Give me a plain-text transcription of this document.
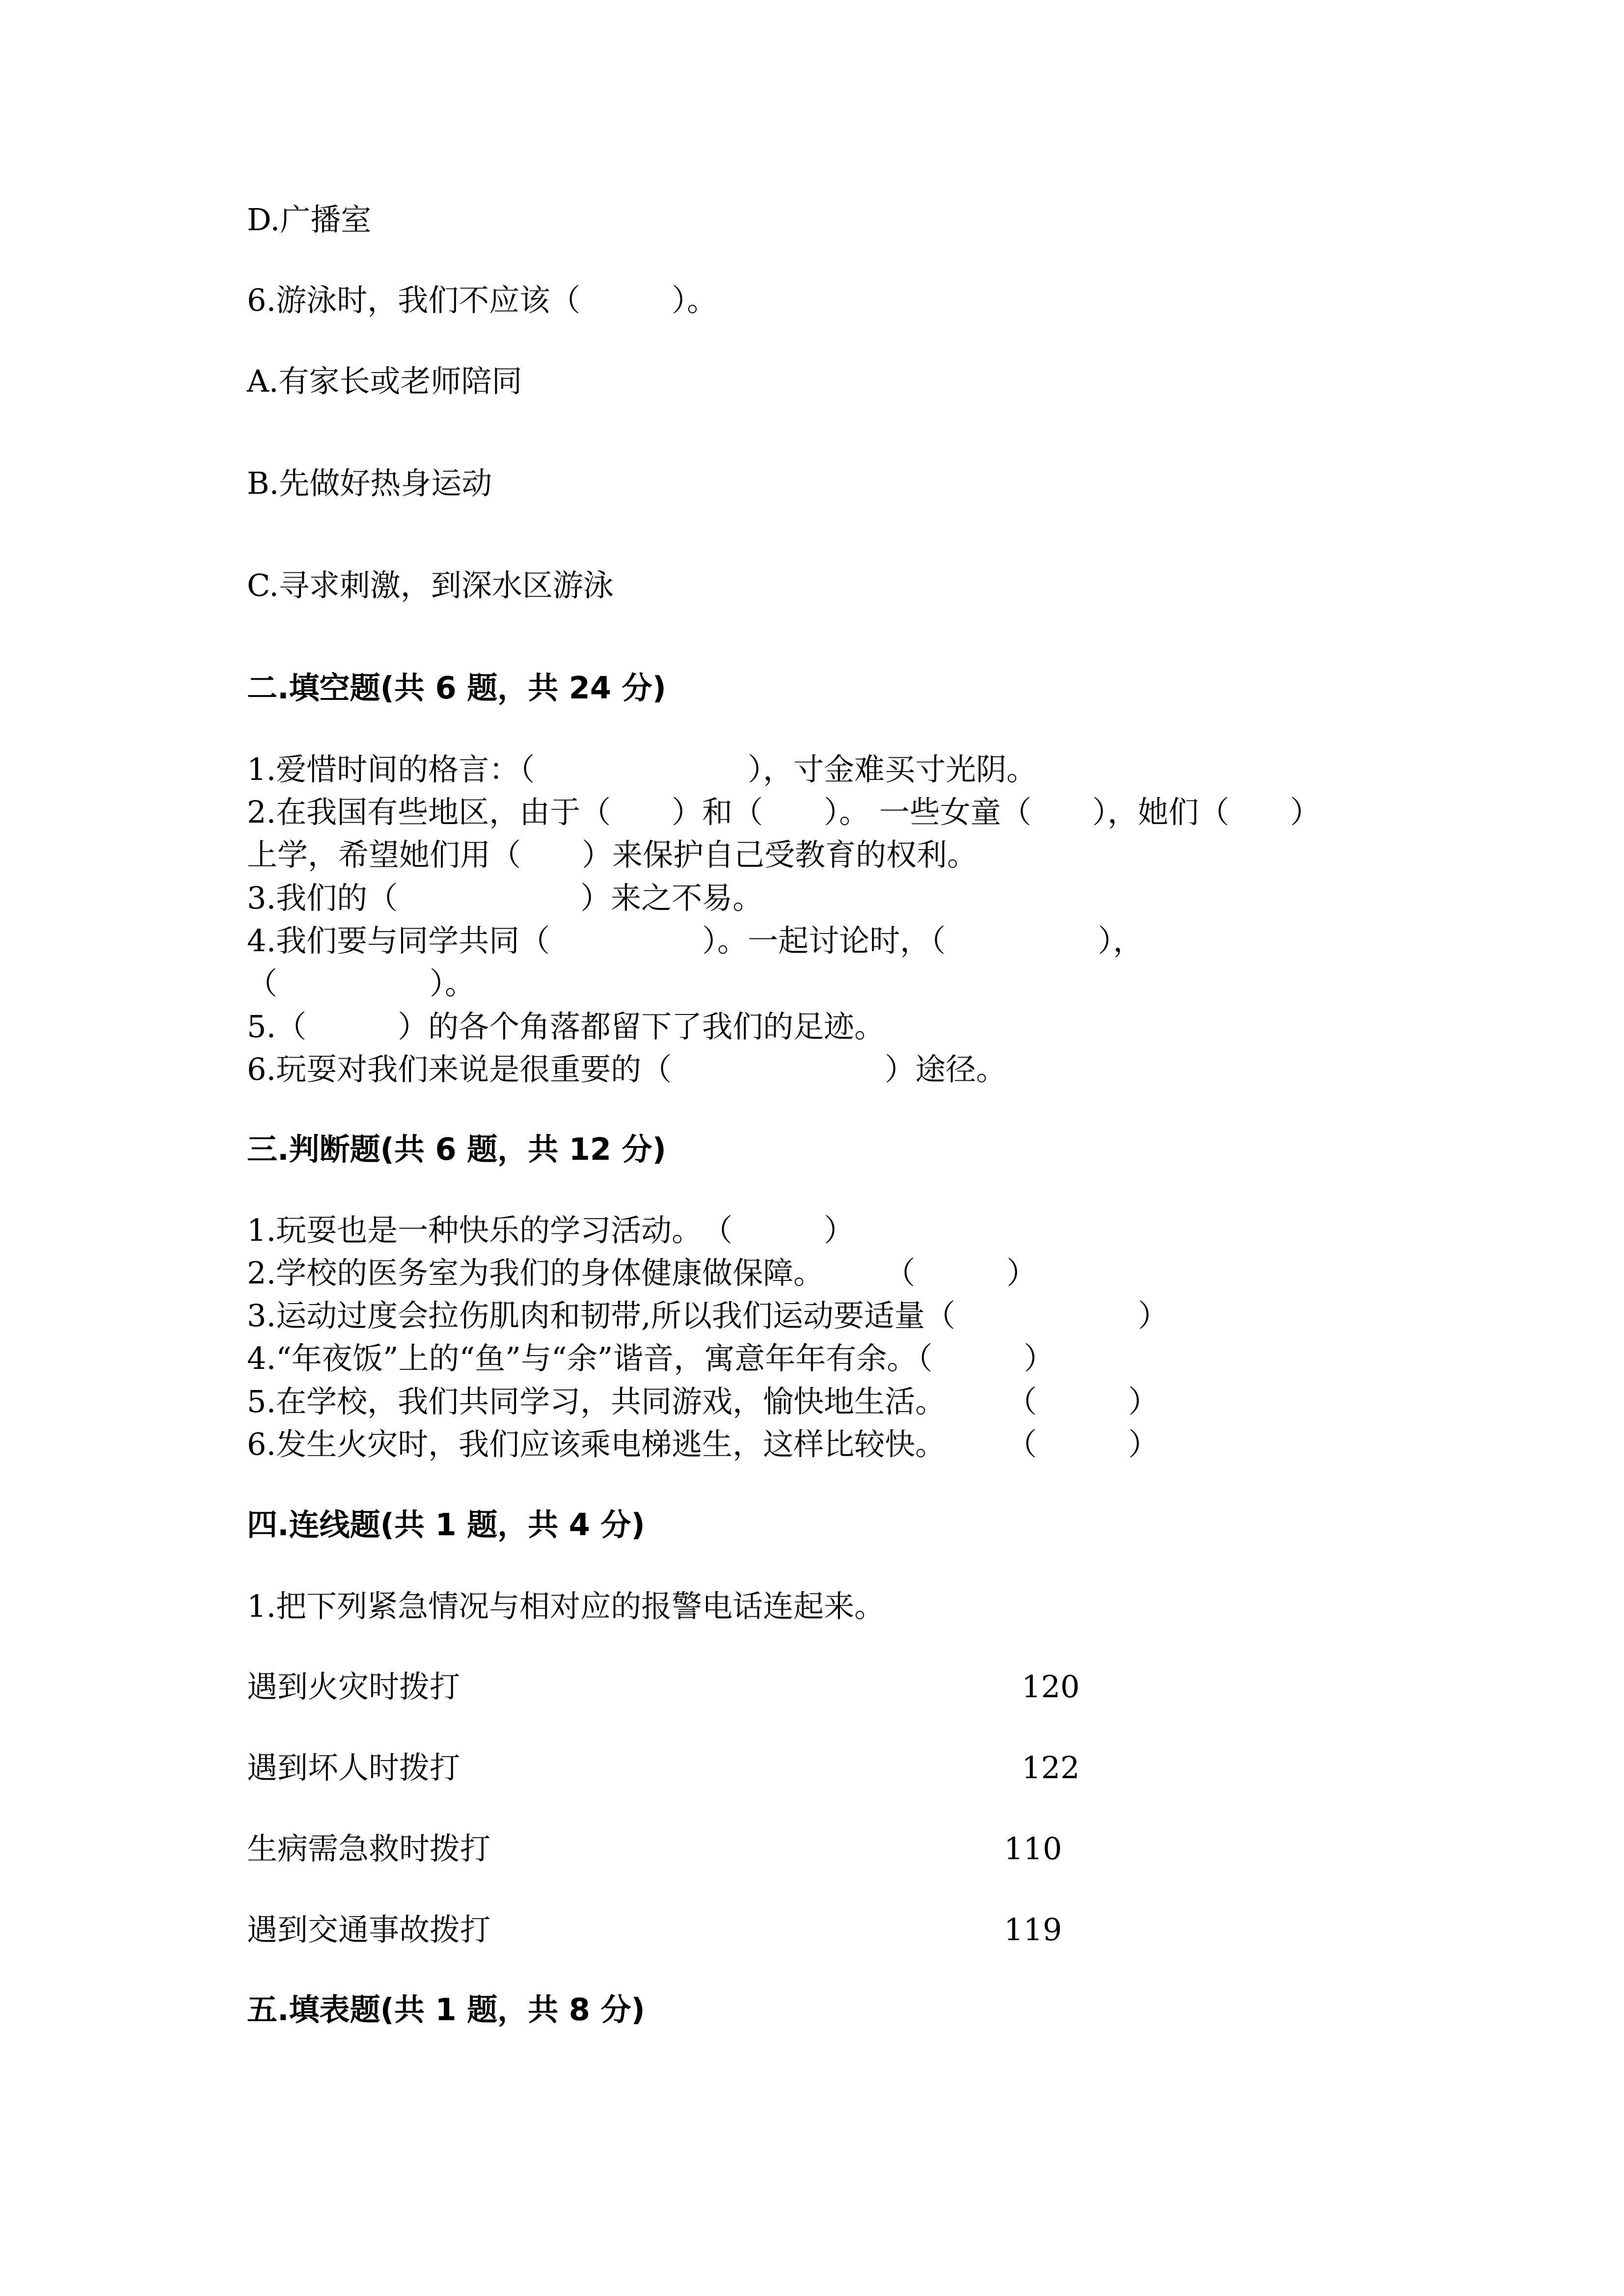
D.广播室
6.游泳时，我们不应该（　　　）。
A.有家长或老师陪同
B.先做好热身运动
C.寻求刺激，到深水区游泳
二.填空题(共 6 题，共 24 分)
1.爱惜时间的格言：（　　　　　　　），寸金难买寸光阴。
2.在我国有些地区，由于（　　）和（　　）。 一些女童（　　），她们（　　）
上学，希望她们用（　　）来保护自己受教育的权利。
3.我们的（　　　　　　）来之不易。
4.我们要与同学共同（　　　　　）。一起讨论时，（　　　　　），
（　　　　　）。
5.（　　　）的各个角落都留下了我们的足迹。
6.玩耍对我们来说是很重要的（　　　　　　　）途径。
三.判断题(共 6 题，共 12 分)
1.玩耍也是一种快乐的学习活动。　（　　　）
2.学校的医务室为我们的身体健康做保障。　　　（　　　）
3.运动过度会拉伤肌肉和韧带,所以我们运动要适量（　　　　　　）
4.“年夜饭”上的“鱼”与“余”谐音，寓意年年有余。（　　　）
5.在学校，我们共同学习，共同游戏，愉快地生活。　　　（　　　）
6.发生火灾时，我们应该乘电梯逃生，这样比较快。　　　（　　　）
四.连线题(共 1 题，共 4 分)
1.把下列紧急情况与相对应的报警电话连起来。
遇到火灾时拨打	120
遇到坏人时拨打	122
生病需急救时拨打	110
遇到交通事故拨打	119
五.填表题(共 1 题，共 8 分)
